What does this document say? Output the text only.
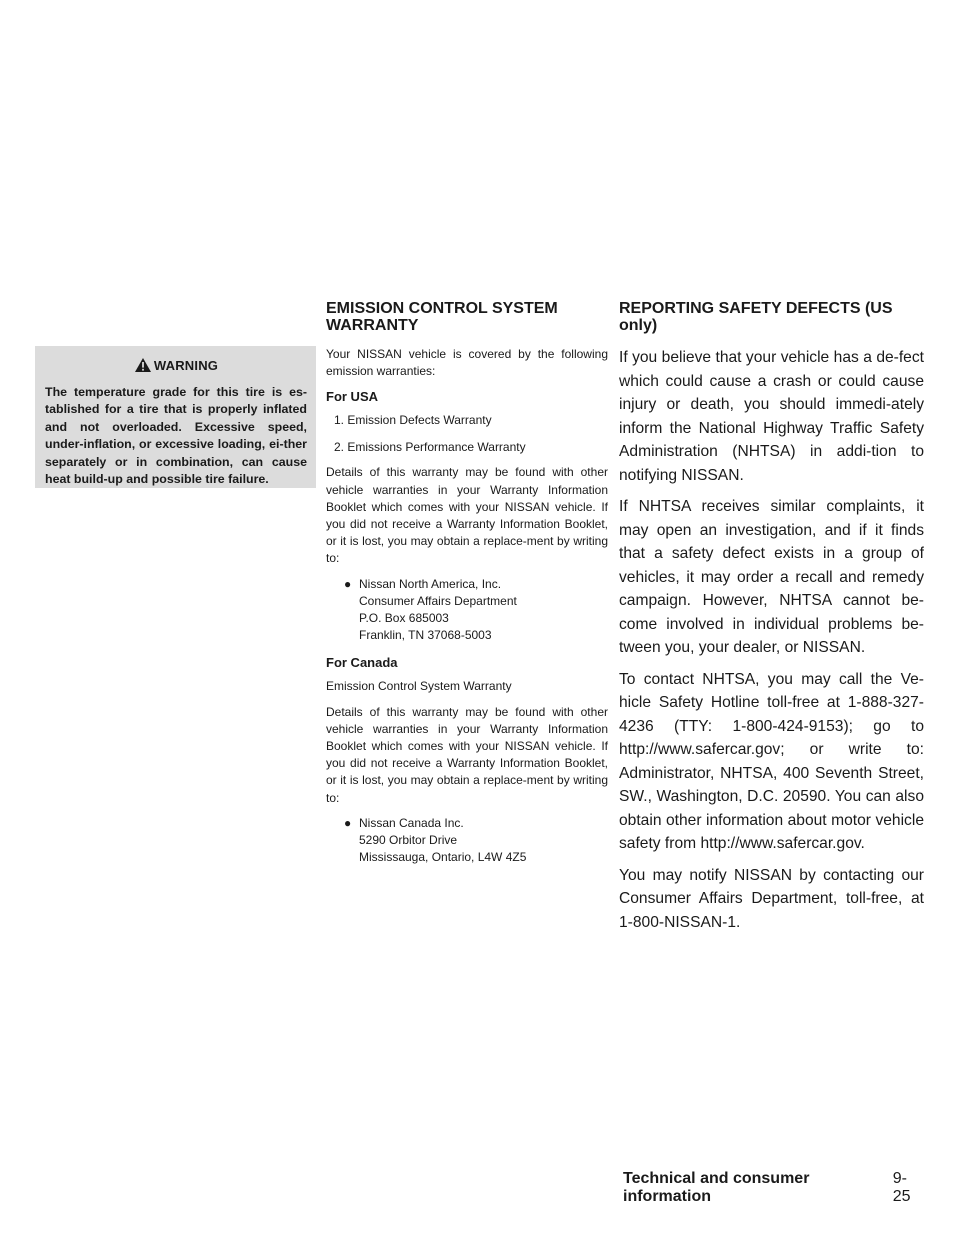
WARNING

The temperature grade for this tire is es-tablished for a tire that is properly inflated and not overloaded. Excessive speed, under-inflation, or excessive loading, ei-ther separately or in combination, can cause heat build-up and possible tire failure.

EMISSION CONTROL SYSTEM WARRANTY

Your NISSAN vehicle is covered by the following emission warranties:

For USA

1. Emission Defects Warranty
2. Emissions Performance Warranty

Details of this warranty may be found with other vehicle warranties in your Warranty Information Booklet which comes with your NISSAN vehicle. If you did not receive a Warranty Information Booklet, or it is lost, you may obtain a replace-ment by writing to:

● Nissan North America, Inc.
Consumer Affairs Department
P.O. Box 685003
Franklin, TN 37068-5003

For Canada

Emission Control System Warranty

Details of this warranty may be found with other vehicle warranties in your Warranty Information Booklet which comes with your NISSAN vehicle. If you did not receive a Warranty Information Booklet, or it is lost, you may obtain a replace-ment by writing to:

● Nissan Canada Inc.
5290 Orbitor Drive
Mississauga, Ontario, L4W 4Z5
REPORTING SAFETY DEFECTS (US only)

If you believe that your vehicle has a de-fect which could cause a crash or could cause injury or death, you should immedi-ately inform the National Highway Traffic Safety Administration (NHTSA) in addi-tion to notifying NISSAN.

If NHTSA receives similar complaints, it may open an investigation, and if it finds that a safety defect exists in a group of vehicles, it may order a recall and remedy campaign. However, NHTSA cannot be-come involved in individual problems be-tween you, your dealer, or NISSAN.

To contact NHTSA, you may call the Ve-hicle Safety Hotline toll-free at 1-888-327-4236 (TTY: 1-800-424-9153); go to http://www.safercar.gov; or write to: Administrator, NHTSA, 400 Seventh Street, SW., Washington, D.C. 20590. You can also obtain other information about motor vehicle safety from http://www.safercar.gov.

You may notify NISSAN by contacting our Consumer Affairs Department, toll-free, at 1-800-NISSAN-1.

Technical and consumer information
9-25
